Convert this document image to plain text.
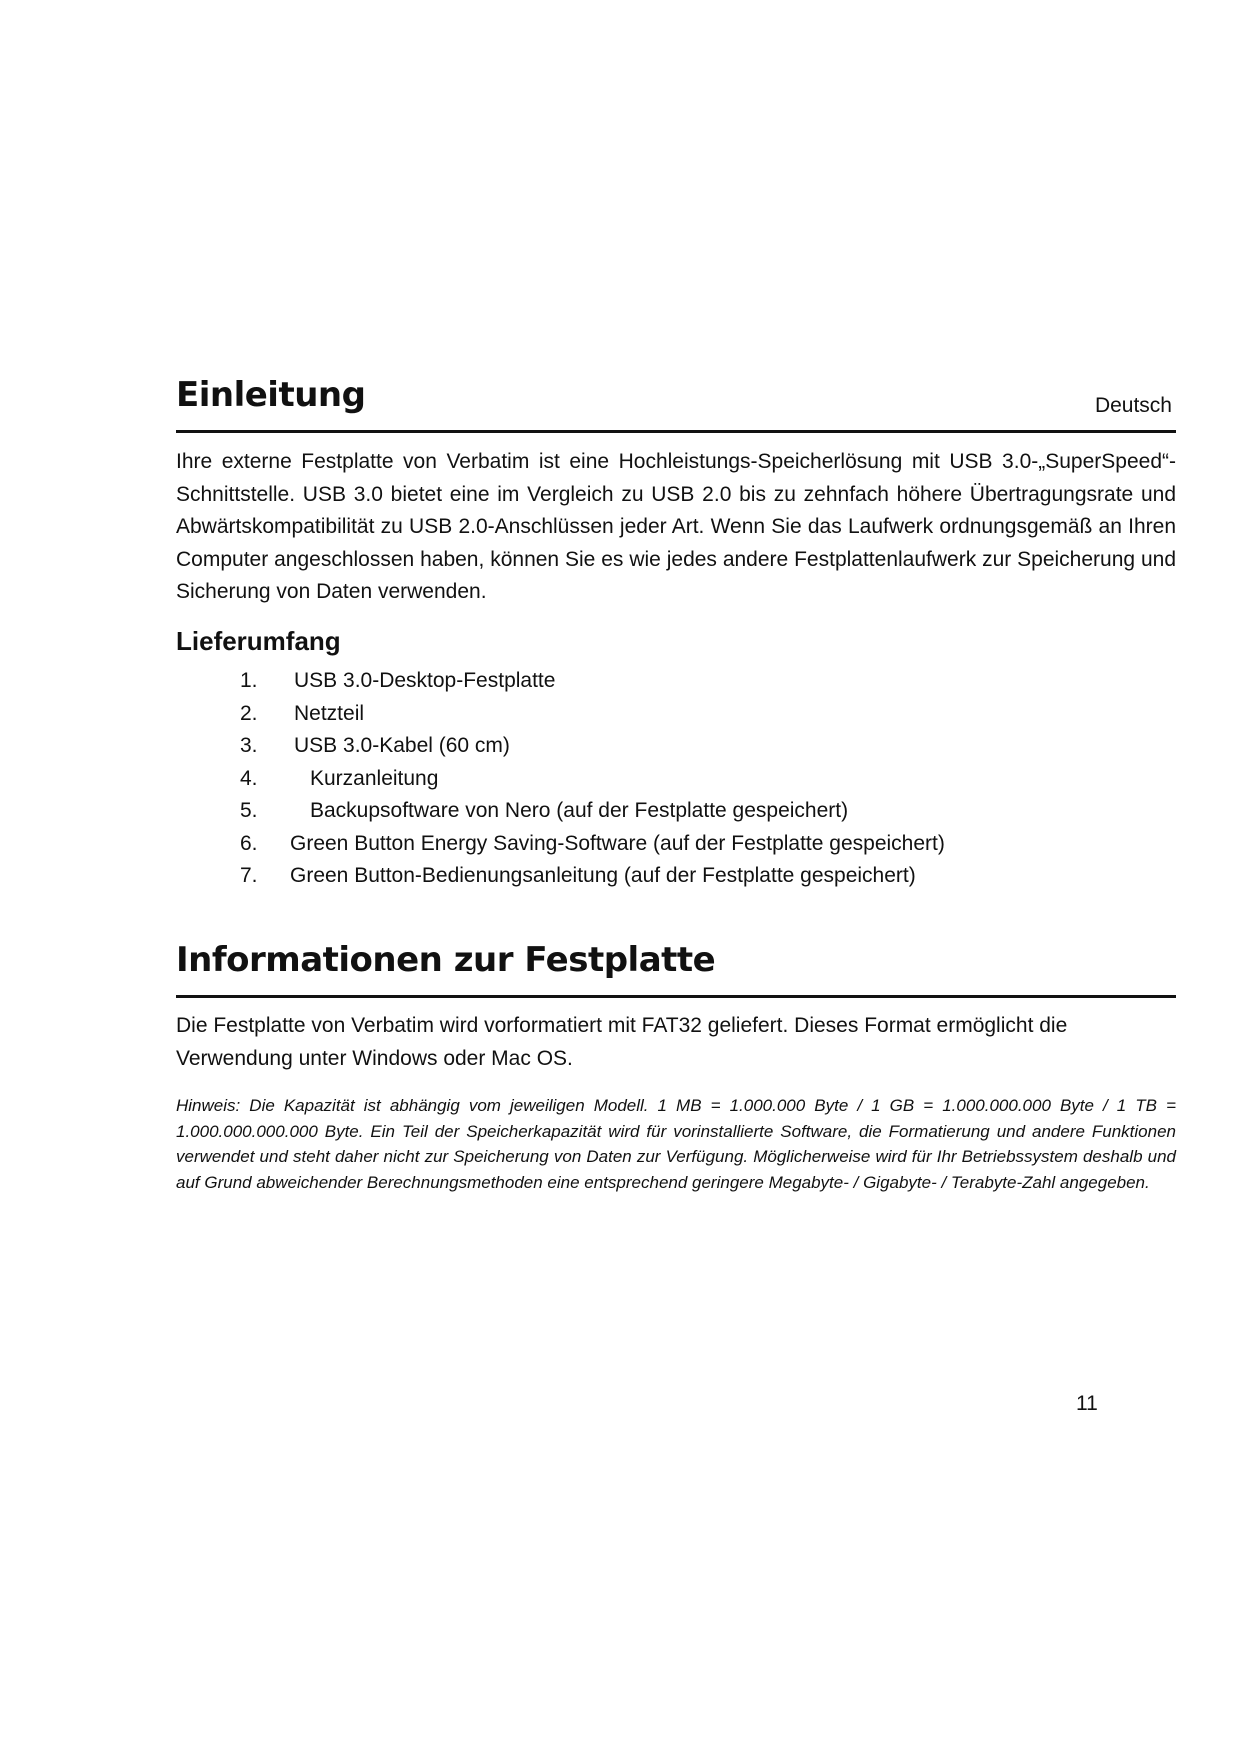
Einleitung	Deutsch

Ihre externe Festplatte von Verbatim ist eine Hochleistungs-Speicherlösung mit USB 3.0-„SuperSpeed“-Schnittstelle. USB 3.0 bietet eine im Vergleich zu USB 2.0 bis zu zehnfach höhere Übertragungsrate und Abwärtskompatibilität zu USB 2.0-Anschlüssen jeder Art. Wenn Sie das Laufwerk ordnungsgemäß an Ihren Computer angeschlossen haben, können Sie es wie jedes andere Festplattenlaufwerk zur Speicherung und Sicherung von Daten verwenden.

Lieferumfang
1.	USB 3.0-Desktop-Festplatte
2.	Netzteil
3.	USB 3.0-Kabel (60 cm)
4.	Kurzanleitung
5.	Backupsoftware von Nero (auf der Festplatte gespeichert)
6.	Green Button Energy Saving-Software (auf der Festplatte gespeichert)
7.	Green Button-Bedienungsanleitung (auf der Festplatte gespeichert)
Informationen zur Festplatte

Die Festplatte von Verbatim wird vorformatiert mit FAT32 geliefert. Dieses Format ermöglicht die Verwendung unter Windows oder Mac OS.

Hinweis: Die Kapazität ist abhängig vom jeweiligen Modell. 1 MB = 1.000.000 Byte / 1 GB = 1.000.000.000 Byte / 1 TB = 1.000.000.000.000 Byte. Ein Teil der Speicherkapazität wird für vorinstallierte Software, die Formatierung und andere Funktionen verwendet und steht daher nicht zur Speicherung von Daten zur Verfügung. Möglicherweise wird für Ihr Betriebssystem deshalb und auf Grund abweichender Berechnungsmethoden eine entsprechend geringere Megabyte- / Gigabyte- / Terabyte-Zahl angegeben.

11
